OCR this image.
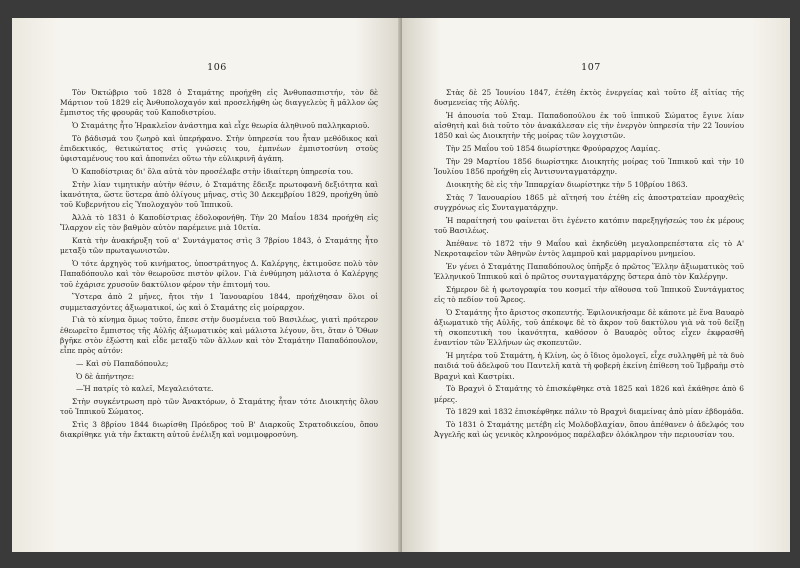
106

Τὸν Ὀκτώβριο τοῦ 1828 ὁ Σταμάτης προήχθη εἰς Ἀνθυπασπιστήν, τὸν δὲ Μάρτιον τοῦ 1829 εἰς Ἀνθυπολοχαγόν καὶ προσελήφθη ὡς διαγγελεὺς ἢ μᾶλλον ὡς ἔμπιστος τῆς φρουρᾶς τοῦ Καποδιστρίου.

Ὁ Σταμάτης ἦτο Ἡρακλεῖον ἀνάστημα καὶ εἶχε θεωρία ἀληθινοῦ παλληκαριοῦ.

Τὸ βάδισμά του ζωηρὸ καὶ ὑπερήφανο. Στὴν ὑπηρεσία του ἦταν μεθόδικος καὶ ἐπιδεκτικός, θετικώτατος στὶς γνώσεις του, ἐμπνέων ἐμπιστοσύνη στοὺς ὑφισταμένους του καὶ ἀποπνέει οὕτω τὴν εὐλικρινῆ ἀγάπη.

Ὁ Καποδίστριας δι' ὅλα αὐτὰ τὸν προσέλαβε στὴν ἰδιαίτερη ὑπηρεσία του.

Στὴν λίαν τιμητικὴν αὐτὴν θέσιν, ὁ Σταμάτης ἔδειξε πρωτοφανῆ δεξιότητα καὶ ἱκανότητα, ὥστε ὕστερα ἀπὸ ὀλίγους μῆνας, στὶς 30 Δεκεμβρίου 1829, προήχθη ὑπὸ τοῦ Κυβερνήτου εἰς Ὑπολοχαγὸν τοῦ Ἱππικοῦ.

Ἀλλὰ τὸ 1831 ὁ Καποδίστριας ἐδολοφονήθη. Τὴν 20 Μαΐου 1834 προήχθη εἰς Ἴλαρχον εἰς τὸν βαθμὸν αὐτὸν παρέμεινε μιὰ 10ετία.

Κατὰ τὴν ἀνακήρυξη τοῦ α' Συντάγματος στὶς 3 7βρίου 1843, ὁ Σταμάτης ἦτο μεταξὺ τῶν πρωταγωνιστῶν.

Ὁ τότε ἀρχηγὸς τοῦ κινήματος, ὑποστράτηγος Δ. Καλέργης, ἐκτιμοῦσε πολὺ τὸν Παπαδόπουλο καὶ τὸν θεωροῦσε πιστὸν φίλον. Γιὰ ἐνθύμηση μάλιστα ὁ Καλέργης τοῦ ἐχάρισε χρυσοῦν δακτύλιον φέρον τὴν ἐπιτομή του.

Ὕστερα ἀπὸ 2 μῆνες, ἤτοι τὴν 1 Ἰανουαρίου 1844, προήχθησαν ὅλοι οἱ συμμετασχόντες ἀξιωματικοί, ὡς καὶ ὁ Σταμάτης εἰς μοίραρχον.

Γιὰ τὸ κίνημα ὅμως τοῦτο, ἔπεσε στὴν δυσμένεια τοῦ Βασιλέως, γιατὶ πρότερον ἐθεωρεῖτο ἔμπιστος τῆς Αὐλῆς ἀξιωματικὸς καὶ μάλιστα λέγουν, ὅτι, ὅταν ὁ Ὄθων βγῆκε στὸν ἐξώστη καὶ εἶδε μεταξὺ τῶν ἄλλων καὶ τὸν Σταμάτην Παπαδόπουλον, εἶπε πρὸς αὐτόν:

— Καὶ σὺ Παπαδόπουλε;

Ὁ δὲ ἀπήντησε:

—Ἡ πατρίς τὸ καλεῖ, Μεγαλειότατε.

Στὴν συγκέντρωση πρὸ τῶν Ἀνακτόρων, ὁ Σταμάτης ἦταν τότε Διοικητὴς ὅλου τοῦ Ἱππικοῦ Σώματος.

Στὶς 3 8βρίου 1844 διωρίσθη Πρόεδρος τοῦ Β' Διαρκοῦς Στρατοδικείου, ὅπου διακρίθηκε γιὰ τὴν ἔκτακτη αὐτοῦ ἐνέλιξη καὶ νομιμοφροσύνη.

107

Στὰς δὲ 25 Ἰουνίου 1847, ἐτέθη ἐκτὸς ἐνεργείας καὶ τοῦτο ἐξ αἰτίας τῆς δυσμενείας τῆς Αὐλῆς.

Ἡ ἀπουσία τοῦ Σταμ. Παπαδοπούλου ἐκ τοῦ ἱππικοῦ Σώματος ἔγινε λίαν αἰσθητὴ καὶ διὰ τοῦτο τὸν ἀνακάλεσαν εἰς τὴν ἐνεργὸν ὑπηρεσία τὴν 22 Ἰουνίου 1850 καὶ ὡς Διοικητὴν τῆς μοίρας τῶν λογχιστῶν.

Τὴν 25 Μαΐου τοῦ 1854 διωρίστηκε Φρούραρχος Λαμίας.

Τὴν 29 Μαρτίου 1856 διωρίστηκε Διοικητὴς μοίρας τοῦ Ἱππικοῦ καὶ τὴν 10 Ἰουλίου 1856 προήχθη εἰς Ἀντισυνταγματάρχην.

Διοικητὴς δὲ εἰς τὴν Ἱππαρχίαν διωρίστηκε τὴν 5 10βρίου 1863.

Στὰς 7 Ἰανουαρίου 1865 μὲ αἴτησή του ἐτέθη εἰς ἀποστρατείαν προαχθεὶς συγχρόνως εἰς Συνταγματάρχην.

Ἡ παραίτησή του φαίνεται ὅτι ἐγένετο κατόπιν παρεξηγήσεώς του ἐκ μέρους τοῦ Βασιλέως.

Ἀπέθανε τὸ 1872 τὴν 9 Μαΐου καὶ ἐκηδεύθη μεγαλοπρεπέστατα εἰς τὸ Α' Νεκροταφεῖον τῶν Ἀθηνῶν ἐντὸς λαμπροῦ καὶ μαρμαρίνου μνημείου.

Ἐν γένει ὁ Σταμάτης Παπαδόπουλος ὑπῆρξε ὁ πρῶτος Ἕλλην ἀξιωματικὸς τοῦ Ἑλληνικοῦ Ἱππικοῦ καὶ ὁ πρῶτος συνταγματάρχης ὕστερα ἀπὸ τὸν Καλέργην.

Σήμερον δὲ ἡ φωτογραφία του κοσμεῖ τὴν αἴθουσα τοῦ Ἱππικοῦ Συντάγματος εἰς τὸ πεδίον τοῦ Ἄρεος.

Ὁ Σταμάτης ἦτο ἄριστος σκοπευτής. Ἐφιλονικήσαμε δὲ κάποτε μὲ ἕνα Βαυαρὸ ἀξιωματικὸ τῆς Αὐλῆς, τοῦ ἀπέκοψε δὲ τὸ ἄκρον τοῦ δακτύλου γιὰ νὰ τοῦ δείξῃ τὴ σκοπευτικὴ του ἱκανότητα, καθόσον ὁ Βαυαρὸς οὗτος εἶχεν ἐκφρασθῆ ἐναντίον τῶν Ἑλλήνων ὡς σκοπευτῶν.

Ἡ μητέρα τοῦ Σταμάτη, ἡ Κλίνη, ὡς ὁ ἴδιος ὁμολογεῖ, εἶχε συλληφθῆ μὲ τὰ δυὸ παιδιά τοῦ ἀδελφοῦ του Παντελῆ κατὰ τὴ φοβερὴ ἐκείνη ἐπίθεση τοῦ Ἰμβραὴμ στὸ Βραχνὶ καὶ Καστρίκι.

Τὸ Βραχνὶ ὁ Σταμάτης τὸ ἐπισκέφθηκε στὰ 1825 καὶ 1826 καὶ ἐκάθησε ἀπὸ 6 μέρες.

Τὸ 1829 καὶ 1832 ἐπισκέφθηκε πάλιν τὸ Βραχνὶ διαμείνας ἀπὸ μίαν ἑβδομάδα.

Τὸ 1831 ὁ Σταμάτης μετέβη εἰς Μολδοβλαχίαν, ὅπου ἀπέθανεν ὁ ἀδελφός του Ἀγγελῆς καὶ ὡς γενικὸς κληρονόμος παρέλαβεν ὁλόκληρον τὴν περιουσίαν του.
